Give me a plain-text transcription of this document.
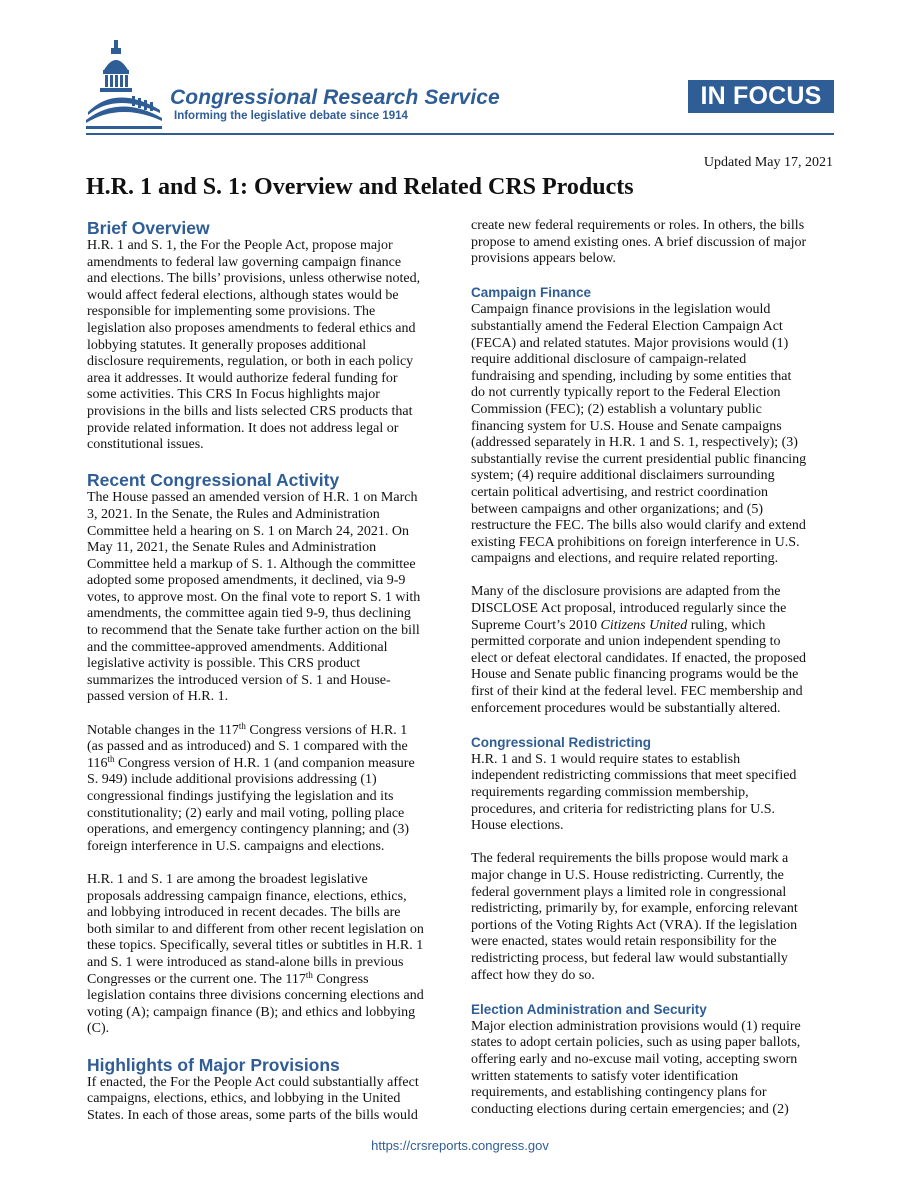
Congressional Research Service
Informing the legislative debate since 1914
IN FOCUS
Updated May 17, 2021
H.R. 1 and S. 1: Overview and Related CRS Products
Brief Overview

H.R. 1 and S. 1, the For the People Act, propose major
amendments to federal law governing campaign finance
and elections. The bills’ provisions, unless otherwise noted,
would affect federal elections, although states would be
responsible for implementing some provisions. The
legislation also proposes amendments to federal ethics and
lobbying statutes. It generally proposes additional
disclosure requirements, regulation, or both in each policy
area it addresses. It would authorize federal funding for
some activities. This CRS In Focus highlights major
provisions in the bills and lists selected CRS products that
provide related information. It does not address legal or
constitutional issues.

Recent Congressional Activity

The House passed an amended version of H.R. 1 on March
3, 2021. In the Senate, the Rules and Administration
Committee held a hearing on S. 1 on March 24, 2021. On
May 11, 2021, the Senate Rules and Administration
Committee held a markup of S. 1. Although the committee
adopted some proposed amendments, it declined, via 9-9
votes, to approve most. On the final vote to report S. 1 with
amendments, the committee again tied 9-9, thus declining
to recommend that the Senate take further action on the bill
and the committee-approved amendments. Additional
legislative activity is possible. This CRS product
summarizes the introduced version of S. 1 and House-
passed version of H.R. 1.

Notable changes in the 117th Congress versions of H.R. 1
(as passed and as introduced) and S. 1 compared with the
116th Congress version of H.R. 1 (and companion measure
S. 949) include additional provisions addressing (1)
congressional findings justifying the legislation and its
constitutionality; (2) early and mail voting, polling place
operations, and emergency contingency planning; and (3)
foreign interference in U.S. campaigns and elections.

H.R. 1 and S. 1 are among the broadest legislative
proposals addressing campaign finance, elections, ethics,
and lobbying introduced in recent decades. The bills are
both similar to and different from other recent legislation on
these topics. Specifically, several titles or subtitles in H.R. 1
and S. 1 were introduced as stand-alone bills in previous
Congresses or the current one. The 117th Congress
legislation contains three divisions concerning elections and
voting (A); campaign finance (B); and ethics and lobbying
(C).

Highlights of Major Provisions

If enacted, the For the People Act could substantially affect
campaigns, elections, ethics, and lobbying in the United
States. In each of those areas, some parts of the bills would

create new federal requirements or roles. In others, the bills
propose to amend existing ones. A brief discussion of major
provisions appears below.

Campaign Finance

Campaign finance provisions in the legislation would
substantially amend the Federal Election Campaign Act
(FECA) and related statutes. Major provisions would (1)
require additional disclosure of campaign-related
fundraising and spending, including by some entities that
do not currently typically report to the Federal Election
Commission (FEC); (2) establish a voluntary public
financing system for U.S. House and Senate campaigns
(addressed separately in H.R. 1 and S. 1, respectively); (3)
substantially revise the current presidential public financing
system; (4) require additional disclaimers surrounding
certain political advertising, and restrict coordination
between campaigns and other organizations; and (5)
restructure the FEC. The bills also would clarify and extend
existing FECA prohibitions on foreign interference in U.S.
campaigns and elections, and require related reporting.

Many of the disclosure provisions are adapted from the
DISCLOSE Act proposal, introduced regularly since the
Supreme Court’s 2010 Citizens United ruling, which
permitted corporate and union independent spending to
elect or defeat electoral candidates. If enacted, the proposed
House and Senate public financing programs would be the
first of their kind at the federal level. FEC membership and
enforcement procedures would be substantially altered.

Congressional Redistricting

H.R. 1 and S. 1 would require states to establish
independent redistricting commissions that meet specified
requirements regarding commission membership,
procedures, and criteria for redistricting plans for U.S.
House elections.

The federal requirements the bills propose would mark a
major change in U.S. House redistricting. Currently, the
federal government plays a limited role in congressional
redistricting, primarily by, for example, enforcing relevant
portions of the Voting Rights Act (VRA). If the legislation
were enacted, states would retain responsibility for the
redistricting process, but federal law would substantially
affect how they do so.

Election Administration and Security

Major election administration provisions would (1) require
states to adopt certain policies, such as using paper ballots,
offering early and no-excuse mail voting, accepting sworn
written statements to satisfy voter identification
requirements, and establishing contingency plans for
conducting elections during certain emergencies; and (2)

https://crsreports.congress.gov
